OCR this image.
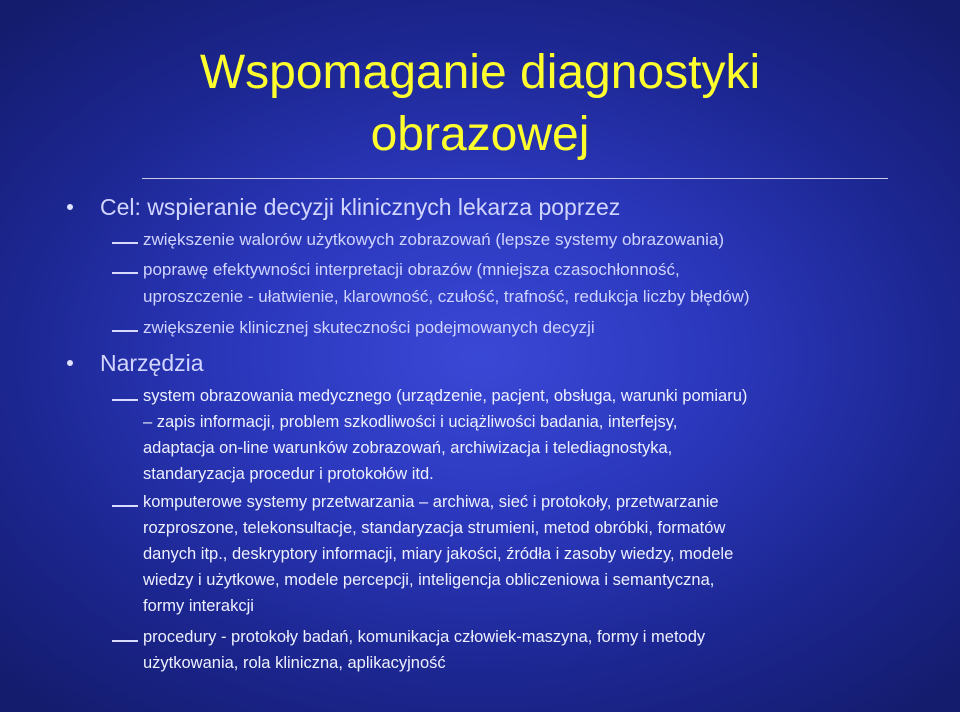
Wspomaganie diagnostyki
obrazowej
Cel: wspieranie decyzji klinicznych lekarza poprzez
zwiększenie walorów użytkowych zobrazowań (lepsze systemy obrazowania)
poprawę efektywności interpretacji obrazów (mniejsza czasochłonność,
uproszczenie - ułatwienie, klarowność, czułość, trafność, redukcja liczby błędów)
zwiększenie klinicznej skuteczności podejmowanych decyzji
Narzędzia
system obrazowania medycznego (urządzenie, pacjent, obsługa, warunki pomiaru)
– zapis informacji, problem szkodliwości i uciążliwości badania, interfejsy,
adaptacja on-line warunków zobrazowań, archiwizacja i telediagnostyka,
standaryzacja procedur i protokołów itd.
komputerowe systemy przetwarzania – archiwa, sieć i protokoły, przetwarzanie
rozproszone, telekonsultacje, standaryzacja strumieni, metod obróbki, formatów
danych itp., deskryptory informacji, miary jakości, źródła i zasoby wiedzy, modele
wiedzy i użytkowe, modele percepcji, inteligencja obliczeniowa i semantyczna,
formy interakcji
procedury - protokoły badań, komunikacja człowiek-maszyna, formy i metody
użytkowania, rola kliniczna, aplikacyjność
